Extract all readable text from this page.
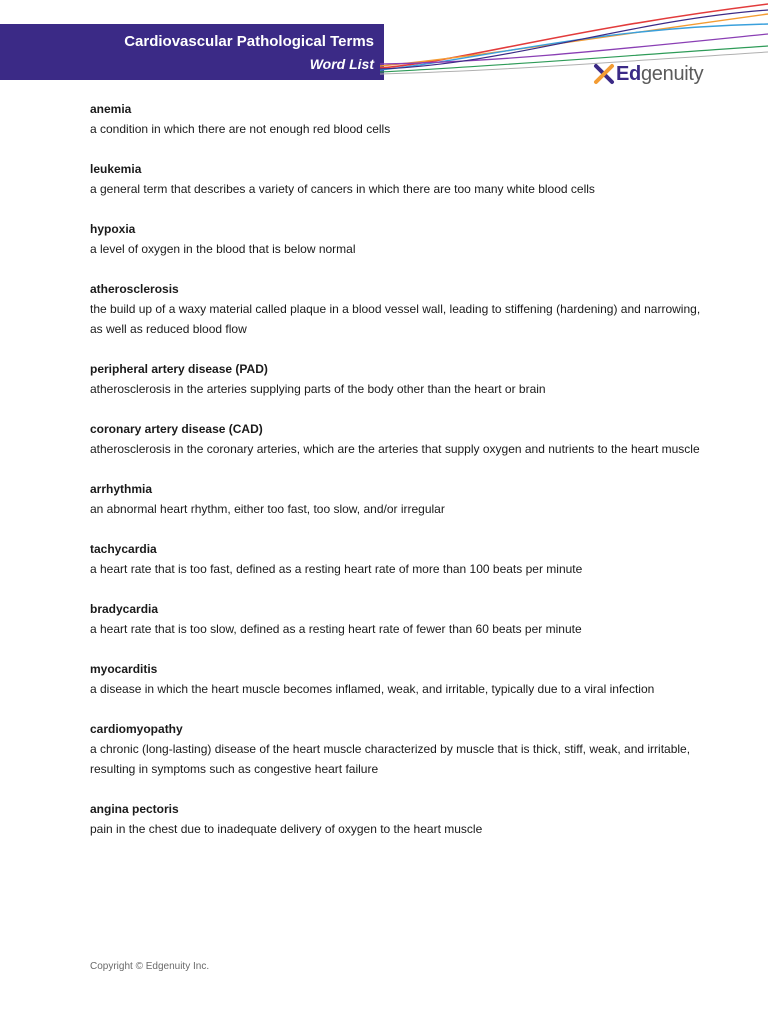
Cardiovascular Pathological Terms
Word List	Edgenuity
anemia
a condition in which there are not enough red blood cells
leukemia
a general term that describes a variety of cancers in which there are too many white blood cells
hypoxia
a level of oxygen in the blood that is below normal
atherosclerosis
the build up of a waxy material called plaque in a blood vessel wall, leading to stiffening (hardening) and narrowing, as well as reduced blood flow
peripheral artery disease (PAD)
atherosclerosis in the arteries supplying parts of the body other than the heart or brain
coronary artery disease (CAD)
atherosclerosis in the coronary arteries, which are the arteries that supply oxygen and nutrients to the heart muscle
arrhythmia
an abnormal heart rhythm, either too fast, too slow, and/or irregular
tachycardia
a heart rate that is too fast, defined as a resting heart rate of more than 100 beats per minute
bradycardia
a heart rate that is too slow, defined as a resting heart rate of fewer than 60 beats per minute
myocarditis
a disease in which the heart muscle becomes inflamed, weak, and irritable, typically due to a viral infection
cardiomyopathy
a chronic (long-lasting) disease of the heart muscle characterized by muscle that is thick, stiff, weak, and irritable, resulting in symptoms such as congestive heart failure
angina pectoris
pain in the chest due to inadequate delivery of oxygen to the heart muscle
Copyright © Edgenuity Inc.
